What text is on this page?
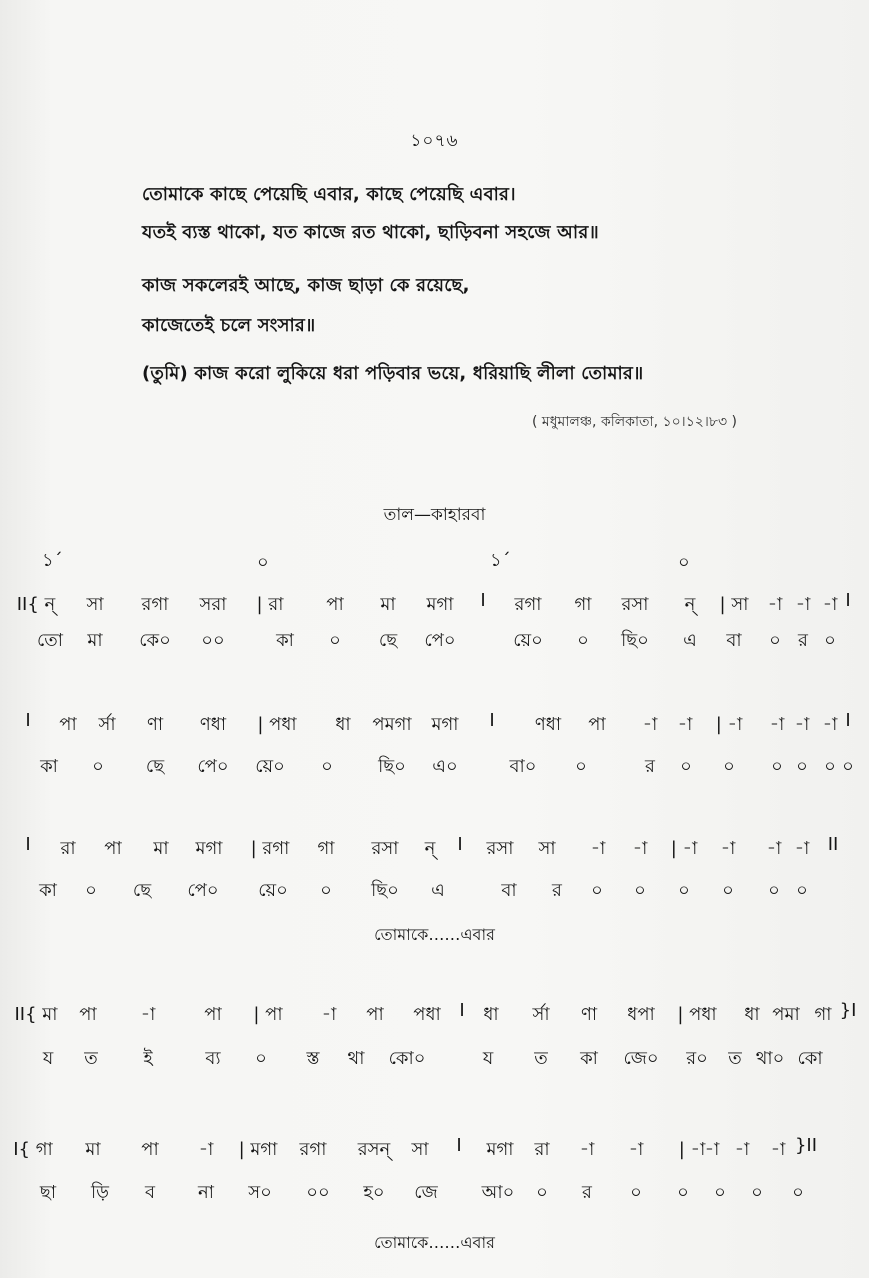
১০৭৬
তোমাকে কাছে পেয়েছি এবার, কাছে পেয়েছি এবার।
যতই ব্যস্ত থাকো, যত কাজে রত থাকো, ছাড়িবনা সহজে আর॥
কাজ সকলেরই আছে, কাজ ছাড়া কে রয়েছে,
কাজেতেই চলে সংসার॥
(তুমি) কাজ করো লুকিয়ে ধরা পড়িবার ভয়ে, ধরিয়াছি লীলা তোমার॥
( মধুমালঞ্চ, কলিকাতা, ১০।১২।৮৩ )
তাল—কাহারবা
১´	০	১´	০
II{ ন্ সা রগা সরা | রা পা মা মগা I রগা গা রসা ন্ | সা -া -া -া I
তো মা কে০ ০০	কা ০ ছে পে০	য়ে০ ০ ছি০ এ বা ০ র ০
I পা র্সা ণা ণধা | পধা ধা পমগা মগা I ণধা পা -া -া | -া -া -া -া I
কা ০ ছে পে০ য়ে০ ০	ছি০ এ০	বা০ ০	র ০ ০ ০ ০ ০ ০
I রা পা মা মগা | রগা গা রসা ন্ I রসা সা -া -া | -া -া -া -া II
কা ০ ছে পে০ য়ে০ ০ ছি০ এ	বা র ০ ০ ০ ০ ০ ০
তোমাকে……এবার
II{ মা পা -া	পা | পা -া পা পধা I ধা র্সা ণা ধপা | পধা ধা পমা গা }I
য ত	ই	ব্য ০ স্ত থা কো০	য ত কা জে০ র০ ত থা০ কো
I{ গা মা পা -া | মগা রগা রসন্ সা I মগা রা -া -া | -া -া -া -া }II
ছা ড়ি ব না স০ ০০ হ০ জে আ০ ০ র ০ ০ ০ ০ ০
তোমাকে……এবার
